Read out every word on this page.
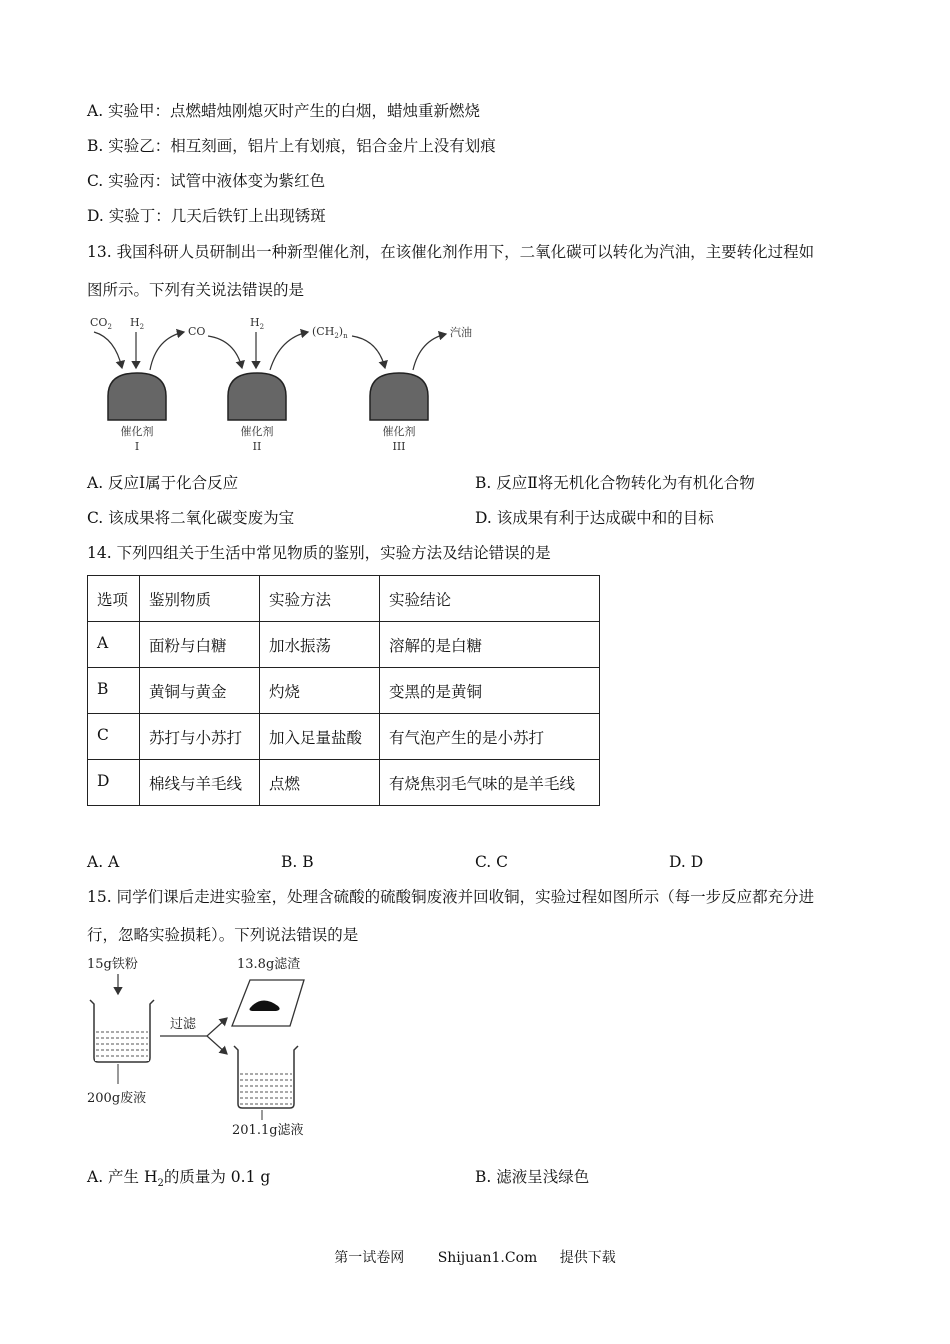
A. 实验甲：点燃蜡烛刚熄灭时产生的白烟，蜡烛重新燃烧
B. 实验乙：相互刻画，铝片上有划痕，铝合金片上没有划痕
C. 实验丙：试管中液体变为紫红色
D. 实验丁：几天后铁钉上出现锈斑
13. 我国科研人员研制出一种新型催化剂，在该催化剂作用下，二氧化碳可以转化为汽油，主要转化过程如
图所示。下列有关说法错误的是
$CO_2$ $H_2$	CO
$H_2$	$(CH_2)_n$	汽油
催化剂
I
催化剂
II
催化剂
III
A. 反应Ⅰ属于化合反应	B. 反应Ⅱ将无机化合物转化为有机化合物
C. 该成果将二氧化碳变废为宝	D. 该成果有利于达成碳中和的目标
14. 下列四组关于生活中常见物质的鉴别，实验方法及结论错误的是
选项	鉴别物质	实验方法	实验结论
A	面粉与白糖	加水振荡	溶解的是白糖
B	黄铜与黄金	灼烧	变黑的是黄铜
C	苏打与小苏打	加入足量盐酸	有气泡产生的是小苏打
D	棉线与羊毛线	点燃	有烧焦羽毛气味的是羊毛线
A. A	B. B	C. C	D. D
15. 同学们课后走进实验室，处理含硫酸的硫酸铜废液并回收铜，实验过程如图所示（每一步反应都充分进
行，忽略实验损耗）。下列说法错误的是
15g铁粉
200g废液
过滤
13.8g滤渣
201.1g滤液
A. 产生 $H_2$的质量为 0.1 g	B. 滤液呈浅绿色
第一试卷网 Shijuan1.Com 提供下载
